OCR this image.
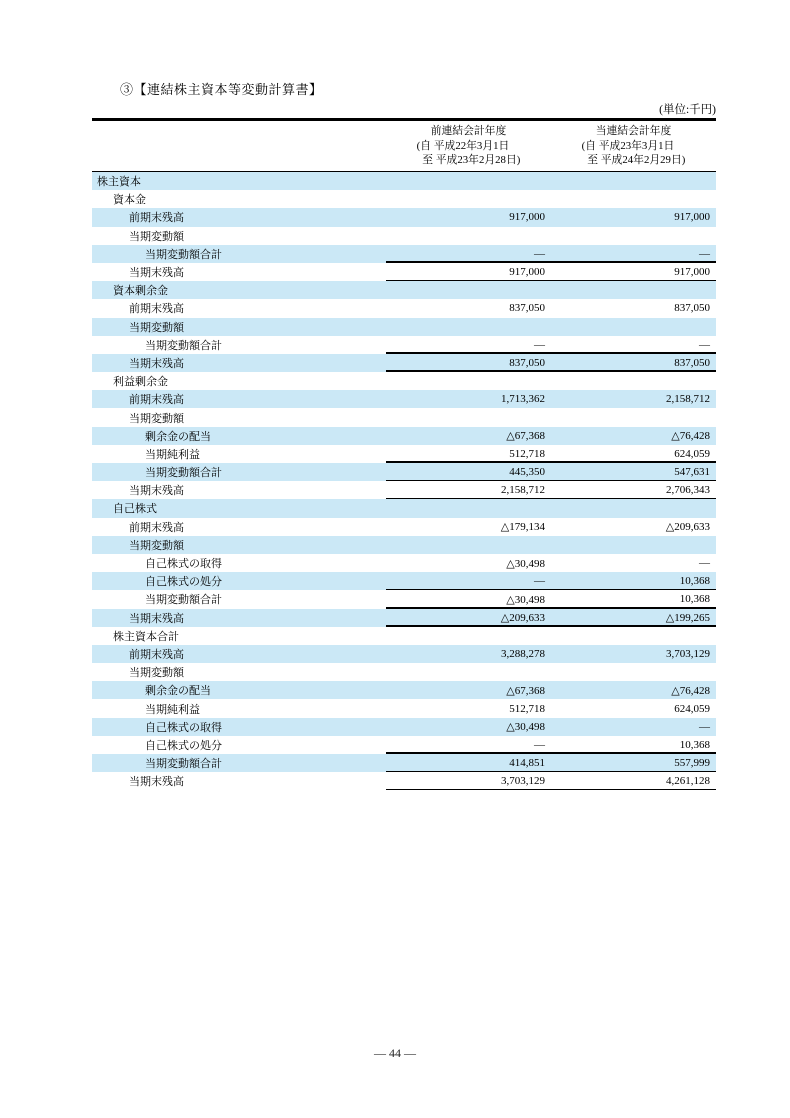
③【連結株主資本等変動計算書】
(単位:千円)
前連結会計年度
(自 平成22年3月1日
至 平成23年2月28日)
当連結会計年度
(自 平成23年3月1日
至 平成24年2月29日)
株主資本
資本金
前期末残高	917,000	917,000
当期変動額
当期変動額合計	―	―
当期末残高	917,000	917,000
資本剰余金
前期末残高	837,050	837,050
当期変動額
当期変動額合計	―	―
当期末残高	837,050	837,050
利益剰余金
前期末残高	1,713,362	2,158,712
当期変動額
剰余金の配当	△67,368	△76,428
当期純利益	512,718	624,059
当期変動額合計	445,350	547,631
当期末残高	2,158,712	2,706,343
自己株式
前期末残高	△179,134	△209,633
当期変動額
自己株式の取得	△30,498	―
自己株式の処分	―	10,368
当期変動額合計	△30,498	10,368
当期末残高	△209,633	△199,265
株主資本合計
前期末残高	3,288,278	3,703,129
当期変動額
剰余金の配当	△67,368	△76,428
当期純利益	512,718	624,059
自己株式の取得	△30,498	―
自己株式の処分	―	10,368
当期変動額合計	414,851	557,999
当期末残高	3,703,129	4,261,128
― 44 ―
